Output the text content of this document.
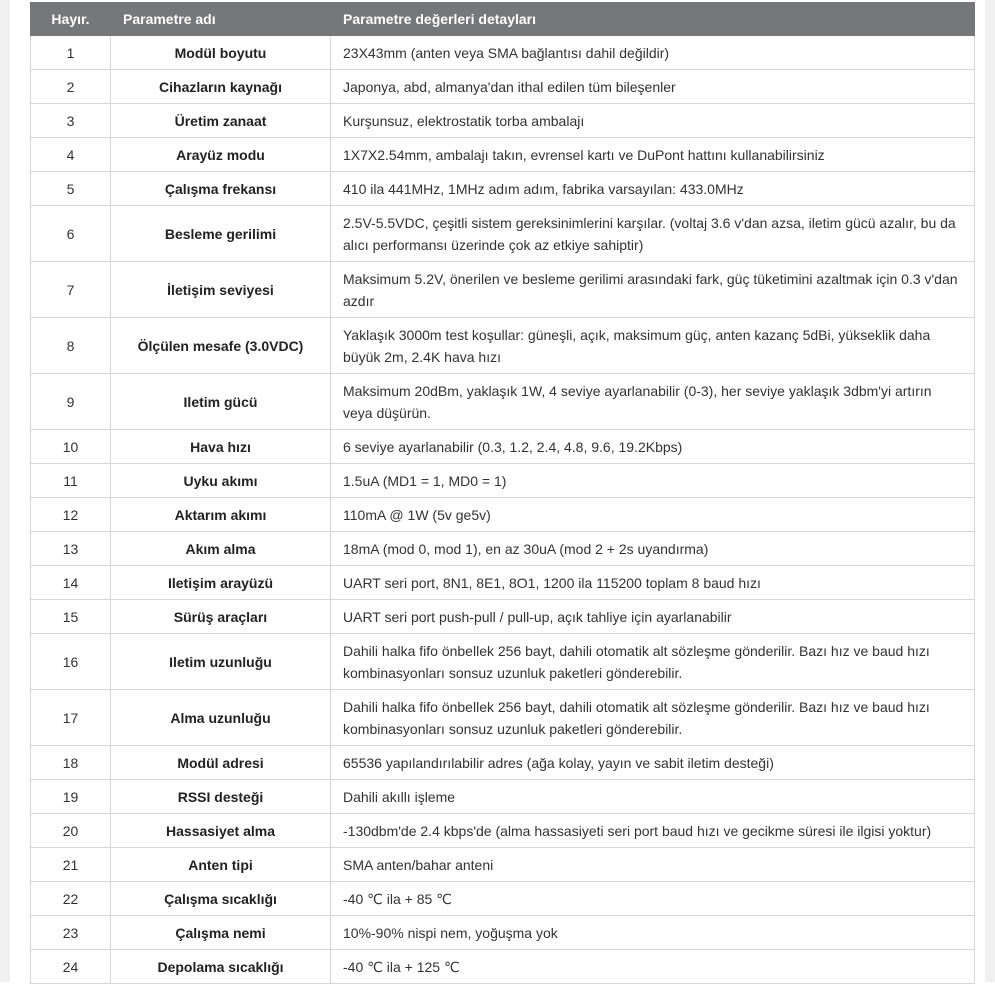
Hayır.	Parametre adı	Parametre değerleri detayları
1	Modül boyutu	23X43mm (anten veya SMA bağlantısı dahil değildir)
2	Cihazların kaynağı	Japonya, abd, almanya'dan ithal edilen tüm bileşenler
3	Üretim zanaat	Kurşunsuz, elektrostatik torba ambalajı
4	Arayüz modu	1X7X2.54mm, ambalajı takın, evrensel kartı ve DuPont hattını kullanabilirsiniz
5	Çalışma frekansı	410 ila 441MHz, 1MHz adım adım, fabrika varsayılan: 433.0MHz
6	Besleme gerilimi	2.5V-5.5VDC, çeşitli sistem gereksinimlerini karşılar. (voltaj 3.6 v'dan azsa, iletim gücü azalır, bu da alıcı performansı üzerinde çok az etkiye sahiptir)
7	İletişim seviyesi	Maksimum 5.2V, önerilen ve besleme gerilimi arasındaki fark, güç tüketimini azaltmak için 0.3 v'dan azdır
8	Ölçülen mesafe (3.0VDC)	Yaklaşık 3000m test koşullar: güneşli, açık, maksimum güç, anten kazanç 5dBi, yükseklik daha büyük 2m, 2.4K hava hızı
9	Iletim gücü	Maksimum 20dBm, yaklaşık 1W, 4 seviye ayarlanabilir (0-3), her seviye yaklaşık 3dbm'yi artırın veya düşürün.
10	Hava hızı	6 seviye ayarlanabilir (0.3, 1.2, 2.4, 4.8, 9.6, 19.2Kbps)
11	Uyku akımı	1.5uA (MD1 = 1, MD0 = 1)
12	Aktarım akımı	110mA @ 1W (5v ge5v)
13	Akım alma	18mA (mod 0, mod 1), en az 30uA (mod 2 + 2s uyandırma)
14	Iletişim arayüzü	UART seri port, 8N1, 8E1, 8O1, 1200 ila 115200 toplam 8 baud hızı
15	Sürüş araçları	UART seri port push-pull / pull-up, açık tahliye için ayarlanabilir
16	Iletim uzunluğu	Dahili halka fifo önbellek 256 bayt, dahili otomatik alt sözleşme gönderilir. Bazı hız ve baud hızı kombinasyonları sonsuz uzunluk paketleri gönderebilir.
17	Alma uzunluğu	Dahili halka fifo önbellek 256 bayt, dahili otomatik alt sözleşme gönderilir. Bazı hız ve baud hızı kombinasyonları sonsuz uzunluk paketleri gönderebilir.
18	Modül adresi	65536 yapılandırılabilir adres (ağa kolay, yayın ve sabit iletim desteği)
19	RSSI desteği	Dahili akıllı işleme
20	Hassasiyet alma	-130dbm'de 2.4 kbps'de (alma hassasiyeti seri port baud hızı ve gecikme süresi ile ilgisi yoktur)
21	Anten tipi	SMA anten/bahar anteni
22	Çalışma sıcaklığı	-40 ℃ ila + 85 ℃
23	Çalışma nemi	10%-90% nispi nem, yoğuşma yok
24	Depolama sıcaklığı	-40 ℃ ila + 125 ℃
